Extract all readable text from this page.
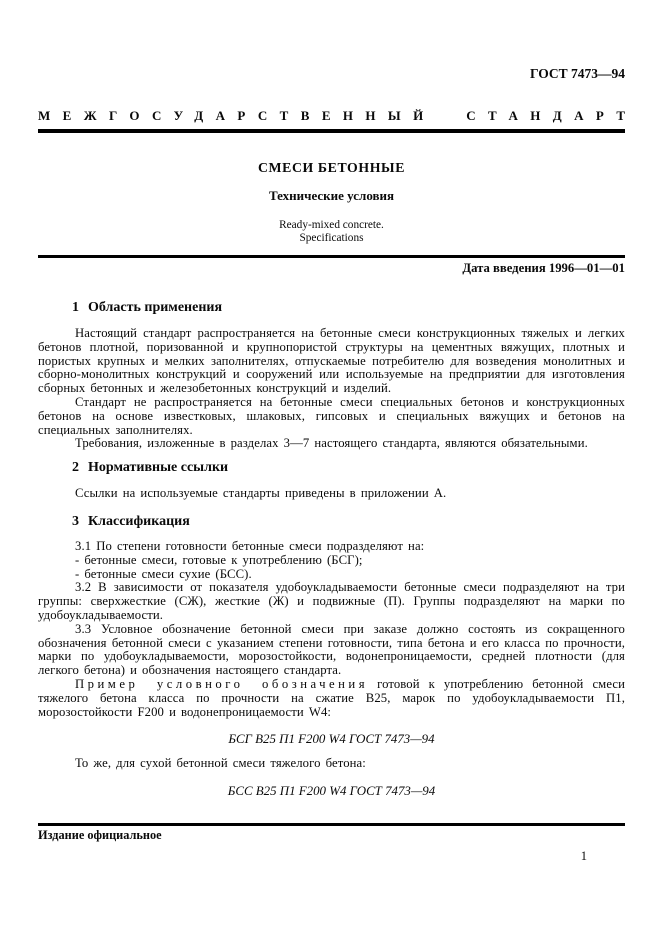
ГОСТ 7473—94
МЕЖГОСУДАРСТВЕННЫЙ СТАНДАРТ
СМЕСИ БЕТОННЫЕ
Технические условия
Ready-mixed concrete.
Specifications
Дата введения 1996—01—01
1 Область применения

Настоящий стандарт распространяется на бетонные смеси конструкционных тяжелых и легких бетонов плотной, поризованной и крупнопористой структуры на цементных вяжущих, плотных и пористых крупных и мелких заполнителях, отпускаемые потребителю для возведения монолитных и сборно-монолитных конструкций и сооружений или используемые на предприятии для изготовления сборных бетонных и железобетонных конструкций и изделий.

Стандарт не распространяется на бетонные смеси специальных бетонов и конструкционных бетонов на основе известковых, шлаковых, гипсовых и специальных вяжущих и бетонов на специальных заполнителях.

Требования, изложенные в разделах 3—7 настоящего стандарта, являются обязательными.

2 Нормативные ссылки

Ссылки на используемые стандарты приведены в приложении А.

3 Классификация

3.1 По степени готовности бетонные смеси подразделяют на:

- бетонные смеси, готовые к употреблению (БСГ);

- бетонные смеси сухие (БСС).

3.2 В зависимости от показателя удобоукладываемости бетонные смеси подразделяют на три группы: сверхжесткие (СЖ), жесткие (Ж) и подвижные (П). Группы подразделяют на марки по удобоукладываемости.

3.3 Условное обозначение бетонной смеси при заказе должно состоять из сокращенного обозначения бетонной смеси с указанием степени готовности, типа бетона и его класса по прочности, марки по удобоукладываемости, морозостойкости, водонепроницаемости, средней плотности (для легкого бетона) и обозначения настоящего стандарта.

Пример условного обозначения готовой к употреблению бетонной смеси тяжелого бетона класса по прочности на сжатие В25, марок по удобоукладываемости П1, морозостойкости F200 и водонепроницаемости W4:

БСГ В25 П1 F200 W4 ГОСТ 7473—94

То же, для сухой бетонной смеси тяжелого бетона:

БСС В25 П1 F200 W4 ГОСТ 7473—94

Издание официальное
1
